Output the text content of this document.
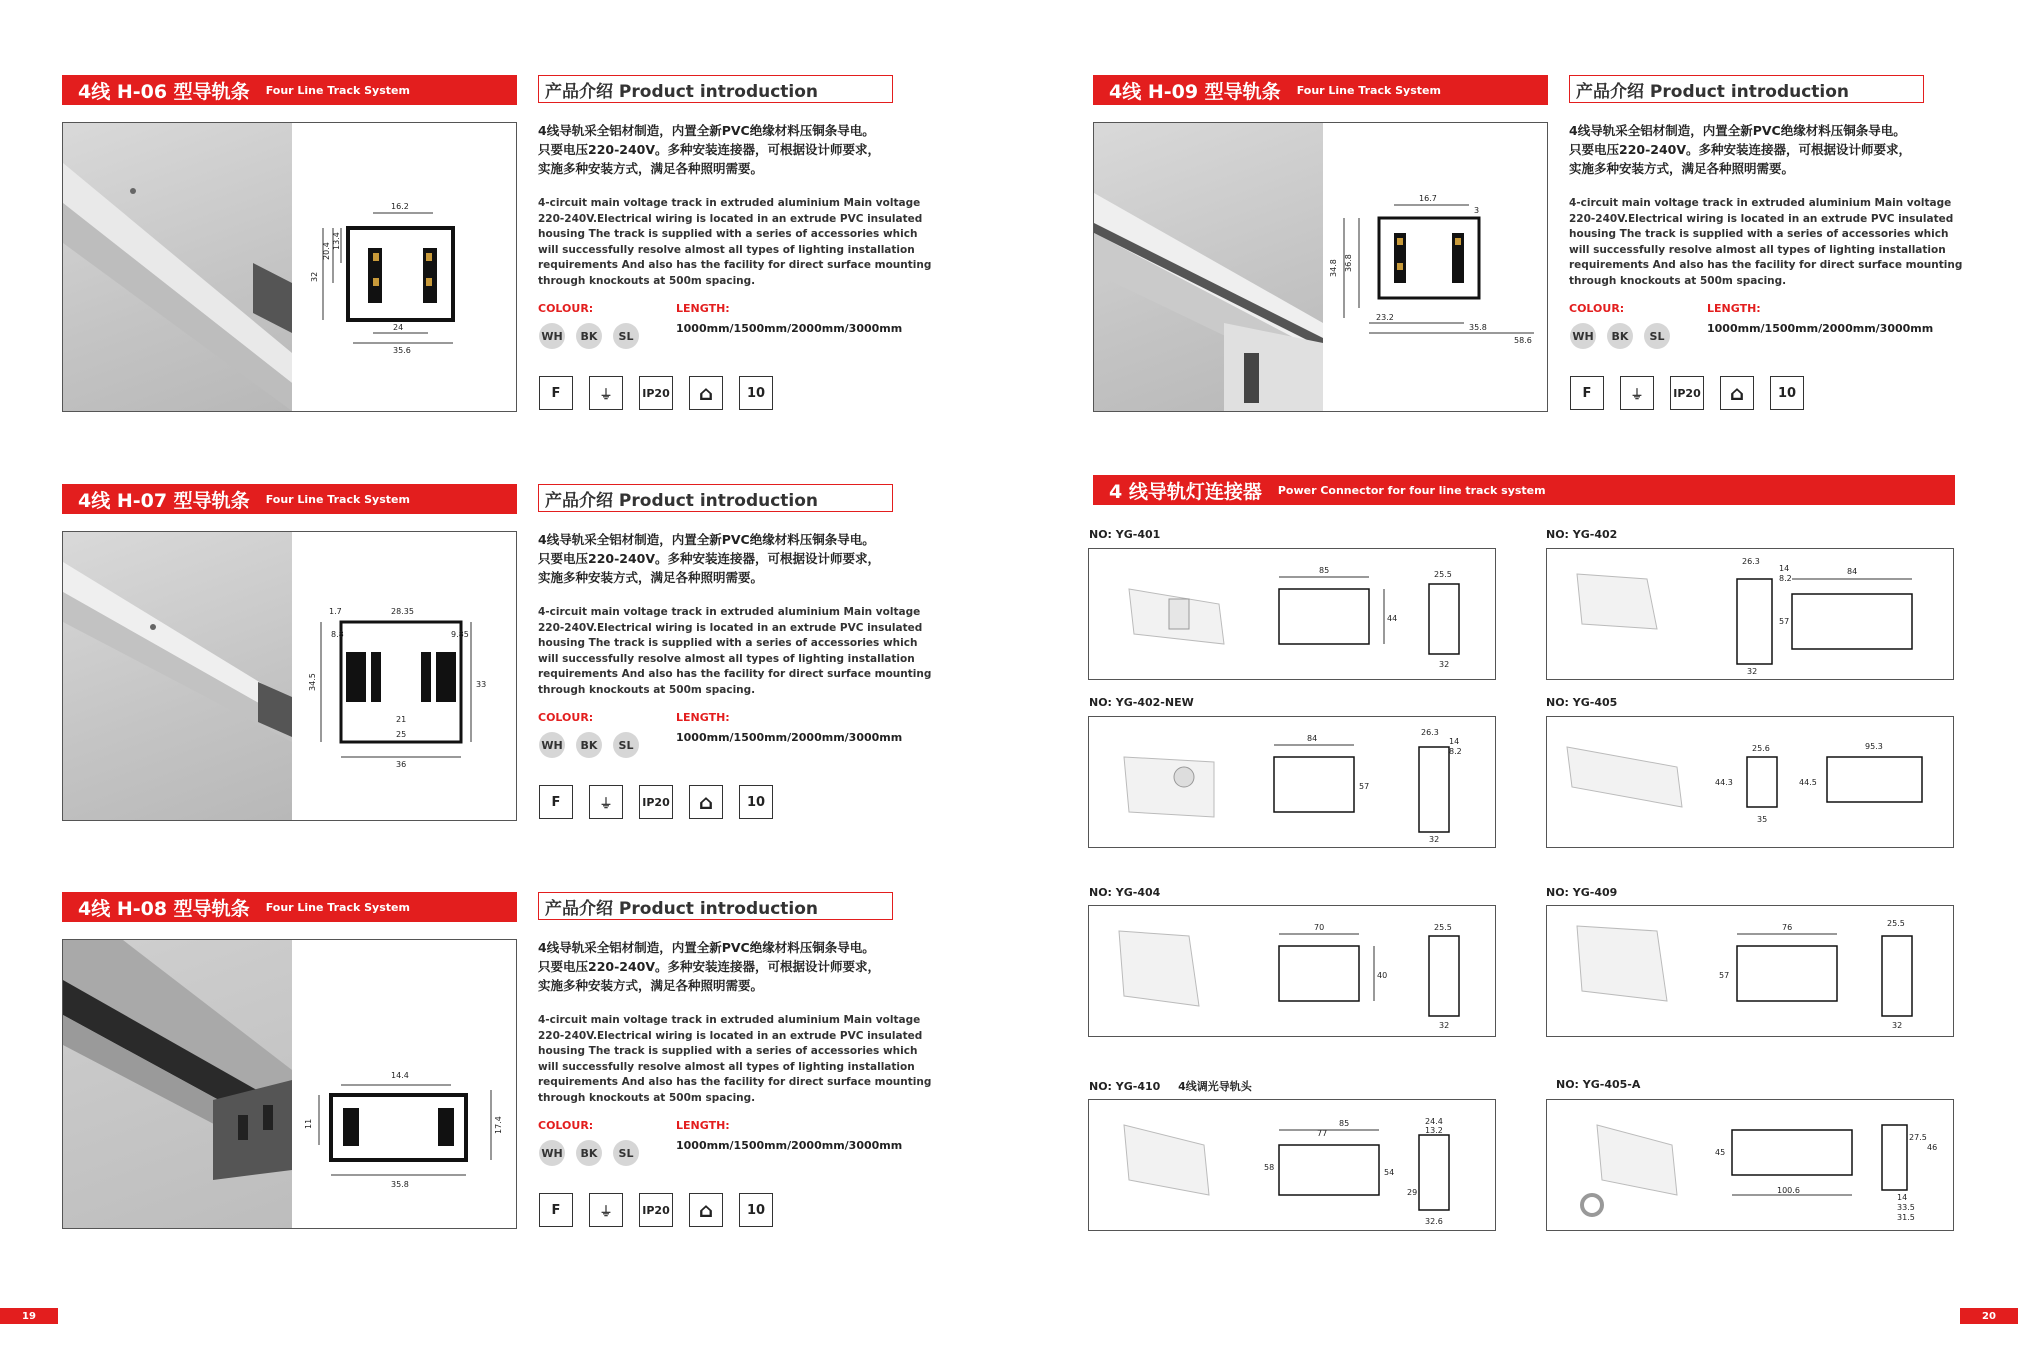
4线 H-06 型导轨条 Four Line Track System
16.2
32
20.4
13.4
24
35.6
产品介绍 Product introduction
4线导轨采全铝材制造，内置全新PVC绝缘材料压铜条导电。
只要电压220-240V。多种安装连接器，可根据设计师要求，
实施多种安装方式，满足各种照明需要。
4-circuit main voltage track in extruded aluminium Main voltage 220-240V.Electrical wiring is located in an extrude PVC insulated housing The track is supplied with a series of accessories which will successfully resolve almost all types of lighting installation requirements And also has the facility for direct surface mounting through knockouts at 500m spacing.
COLOUR:	LENGTH:
1000mm/1500mm/2000mm/3000mm
WH	BK	SL
F	⏚	IP20	⌂	10
4线 H-07 型导轨条 Four Line Track System
1.7	28.35
8.8	9.85
34.5	33
21
25
36
产品介绍 Product introduction
4线导轨采全铝材制造，内置全新PVC绝缘材料压铜条导电。
只要电压220-240V。多种安装连接器，可根据设计师要求，
实施多种安装方式，满足各种照明需要。
4-circuit main voltage track in extruded aluminium Main voltage 220-240V.Electrical wiring is located in an extrude PVC insulated housing The track is supplied with a series of accessories which will successfully resolve almost all types of lighting installation requirements And also has the facility for direct surface mounting through knockouts at 500m spacing.
COLOUR:	LENGTH:
1000mm/1500mm/2000mm/3000mm
WH	BK	SL
F	⏚	IP20	⌂	10
4线 H-08 型导轨条 Four Line Track System
14.4
11	17.4
35.8
产品介绍 Product introduction
4线导轨采全铝材制造，内置全新PVC绝缘材料压铜条导电。
只要电压220-240V。多种安装连接器，可根据设计师要求，
实施多种安装方式，满足各种照明需要。
4-circuit main voltage track in extruded aluminium Main voltage 220-240V.Electrical wiring is located in an extrude PVC insulated housing The track is supplied with a series of accessories which will successfully resolve almost all types of lighting installation requirements And also has the facility for direct surface mounting through knockouts at 500m spacing.
COLOUR:	LENGTH:
1000mm/1500mm/2000mm/3000mm
WH	BK	SL
F	⏚	IP20	⌂	10
19
4线 H-09 型导轨条 Four Line Track System
16.7
3
34.8 36.8
23.2
35.8
58.6
产品介绍 Product introduction
4线导轨采全铝材制造，内置全新PVC绝缘材料压铜条导电。
只要电压220-240V。多种安装连接器，可根据设计师要求，
实施多种安装方式，满足各种照明需要。
4-circuit main voltage track in extruded aluminium Main voltage 220-240V.Electrical wiring is located in an extrude PVC insulated housing The track is supplied with a series of accessories which will successfully resolve almost all types of lighting installation requirements And also has the facility for direct surface mounting through knockouts at 500m spacing.
COLOUR:	LENGTH:
1000mm/1500mm/2000mm/3000mm
WH	BK	SL
F	⏚	IP20	⌂	10
4 线导轨灯连接器 Power Connector for four line track system
NO: YG-401
85	25.5
44
32
NO: YG-402
26.3
14
8.2
84
57
32
NO: YG-402-NEW
84
26.3
14
8.2
57
32
NO: YG-405
25.6	95.3
44.3	44.5
35
NO: YG-404
70	25.5
40
32
NO: YG-409
76	25.5
57
32
NO: YG-410 4线调光导轨头
85
77
24.4
13.2
58
54
29
32.6
NO: YG-405-A
27.5
46
45
100.6
14
33.5
31.5
20
